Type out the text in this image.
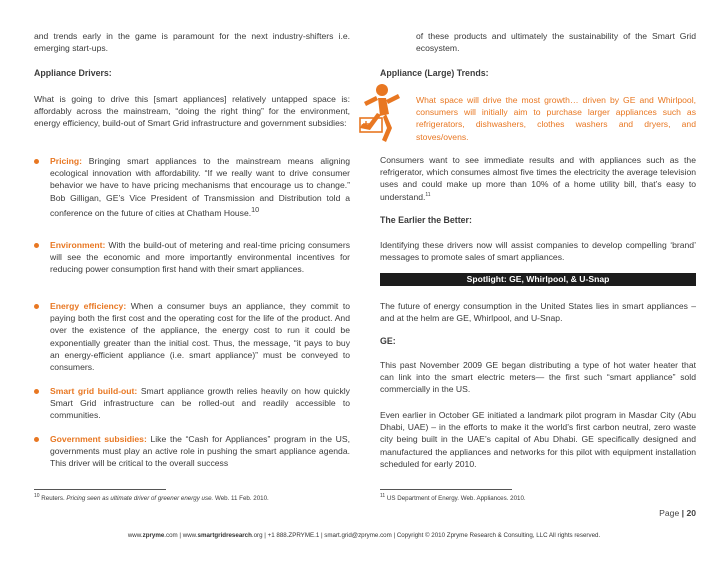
and trends early in the game is paramount for the next industry-shifters i.e. emerging start-ups.

Appliance Drivers:

What is going to drive this [smart appliances] relatively untapped space is: affordably across the mainstream, “doing the right thing” for the environment, energy efficiency, build-out of Smart Grid infrastructure and government subsidies:

Pricing: Bringing smart appliances to the mainstream means aligning ecological innovation with affordability. “If we really want to drive consumer behavior we have to have pricing mechanisms that encourage us to change.” Bob Gilligan, GE’s Vice President of Transmission and Distribution told a conference on the future of cities at Chatham House.$^{10}$
Environment: With the build-out of metering and real-time pricing consumers will see the economic and more importantly environmental incentives for reducing power consumption first hand with their smart appliances.
Energy efficiency: When a consumer buys an appliance, they commit to paying both the first cost and the operating cost for the life of the product. And over the existence of the appliance, the energy cost to run it could be exponentially greater than the initial cost. Thus, the message, “it pays to buy an energy-efficient appliance (i.e. smart appliance)” must be conveyed to consumers.
Smart grid build-out: Smart appliance growth relies heavily on how quickly Smart Grid infrastructure can be rolled-out and readily accessible to communities.
Government subsidies: Like the “Cash for Appliances” program in the US, governments must play an active role in pushing the smart appliance agenda. This driver will be critical to the overall success
$^{10}$ Reuters. Pricing seen as ultimate driver of greener energy use. Web. 11 Feb. 2010.

of these products and ultimately the sustainability of the Smart Grid ecosystem.

Appliance (Large) Trends:

Consumers want to see immediate results and with appliances such as the refrigerator, which consumes almost five times the electricity the average television uses and could make up more than 10% of a home utility bill, that’s easy to understand.$^{11}$

The Earlier the Better:

Identifying these drivers now will assist companies to develop compelling ‘brand’ messages to promote sales of smart appliances.

The future of energy consumption in the United States lies in smart appliances – and at the helm are GE, Whirlpool, and U-Snap.

GE:

This past November 2009 GE began distributing a type of hot water heater that can link into the smart electric meters— the first such “smart appliance” sold commercially in the US.

Even earlier in October GE initiated a landmark pilot program in Masdar City (Abu Dhabi, UAE) – in the efforts to make it the world’s first carbon neutral, zero waste city being built in the UAE’s capital of Abu Dhabi. GE specifically designed and manufactured the appliances and networks for this pilot with equipment installation scheduled for early 2010.

$^{11}$ US Department of Energy. Web. Appliances. 2010.
What space will drive the most growth… driven by GE and Whirlpool, consumers will initially aim to purchase larger appliances such as refrigerators, dishwashers, clothes washers and dryers, and stoves/ovens.
Spotlight: GE, Whirlpool, & U-Snap
Page | 20
www.zpryme.com | www.smartgridresearch.org | +1 888.ZPRYME.1 | smart.grid@zpryme.com | Copyright © 2010 Zpryme Research & Consulting, LLC All rights reserved.
